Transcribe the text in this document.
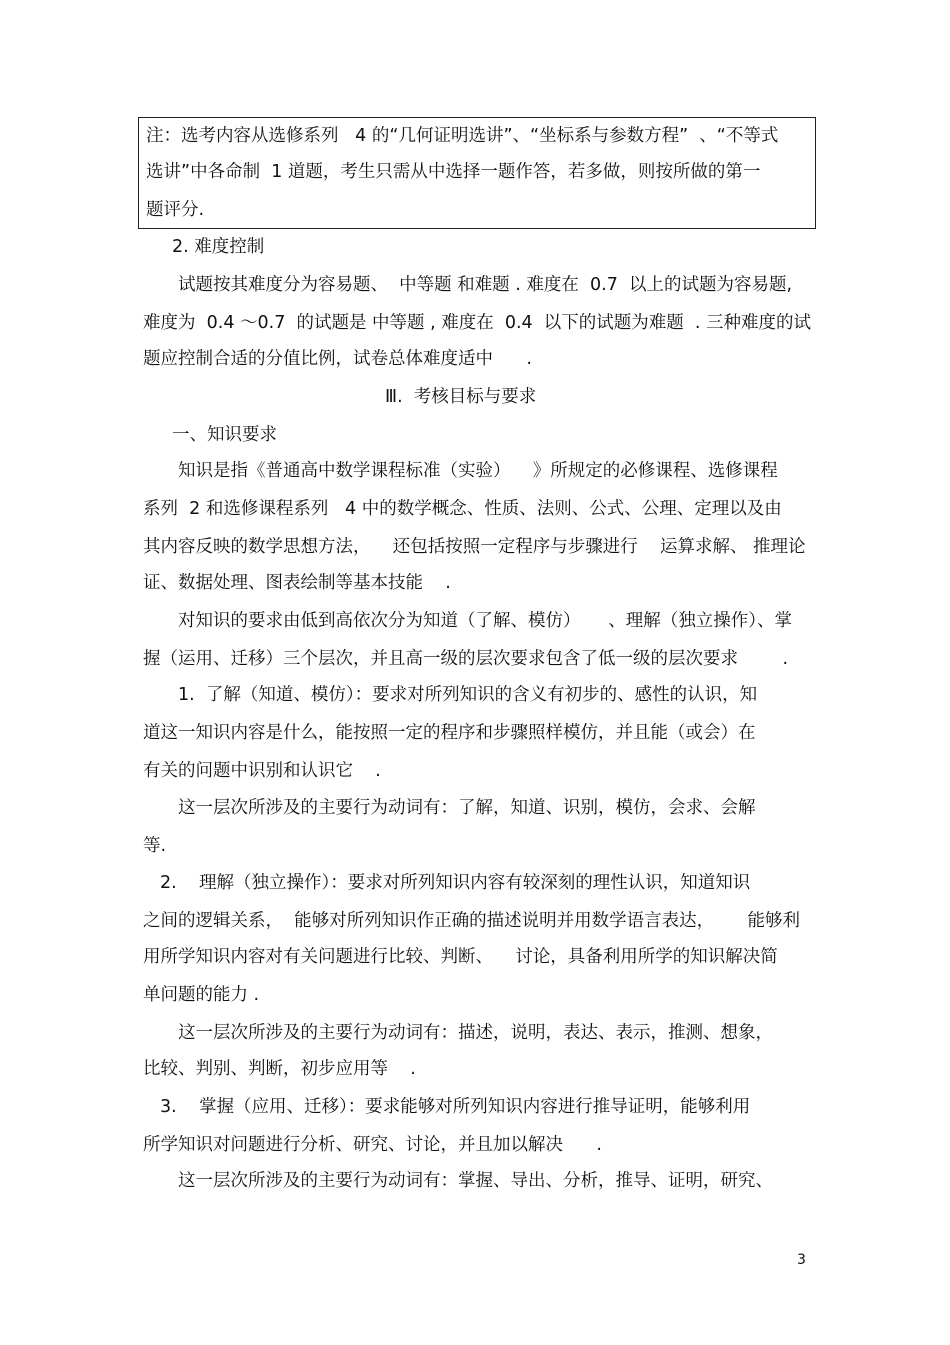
注：选考内容从选修系列   4 的“几何证明选讲”、“坐标系与参数方程”  、“不等式
选讲”中各命制  1 道题，考生只需从中选择一题作答，若多做，则按所做的第一
题评分.
2. 难度控制
试题按其难度分为容易题、  中等题 和难题 . 难度在  0.7  以上的试题为容易题,
难度为  0.4 ～0.7  的试题是 中等题 , 难度在  0.4  以下的试题为难题  . 三种难度的试
题应控制合适的分值比例，试卷总体难度适中      .
Ⅲ.  考核目标与要求
一、知识要求
知识是指《普通高中数学课程标准（实验）    》所规定的必修课程、选修课程
系列  2 和选修课程系列   4 中的数学概念、性质、法则、公式、公理、定理以及由
其内容反映的数学思想方法，    还包括按照一定程序与步骤进行    运算求解、 推理论
证、数据处理、图表绘制等基本技能    .
对知识的要求由低到高依次分为知道（了解、模仿）     、理解（独立操作）、掌
握（运用、迁移）三个层次，并且高一级的层次要求包含了低一级的层次要求        .
1.  了解（知道、模仿）：要求对所列知识的含义有初步的、感性的认识，知
道这一知识内容是什么，能按照一定的程序和步骤照样模仿，并且能（或会）在
有关的问题中识别和认识它    .
这一层次所涉及的主要行为动词有：了解，知道、识别，模仿，会求、会解
等.
2.    理解（独立操作）：要求对所列知识内容有较深刻的理性认识，知道知识
之间的逻辑关系，  能够对所列知识作正确的描述说明并用数学语言表达，      能够利
用所学知识内容对有关问题进行比较、判断、    讨论，具备利用所学的知识解决简
单问题的能力 .
这一层次所涉及的主要行为动词有：描述，说明，表达、表示，推测、想象，
比较、判别、判断，初步应用等    .
3.    掌握（应用、迁移）：要求能够对所列知识内容进行推导证明，能够利用
所学知识对问题进行分析、研究、讨论，并且加以解决      .
这一层次所涉及的主要行为动词有：掌握、导出、分析，推导、证明，研究、
3
